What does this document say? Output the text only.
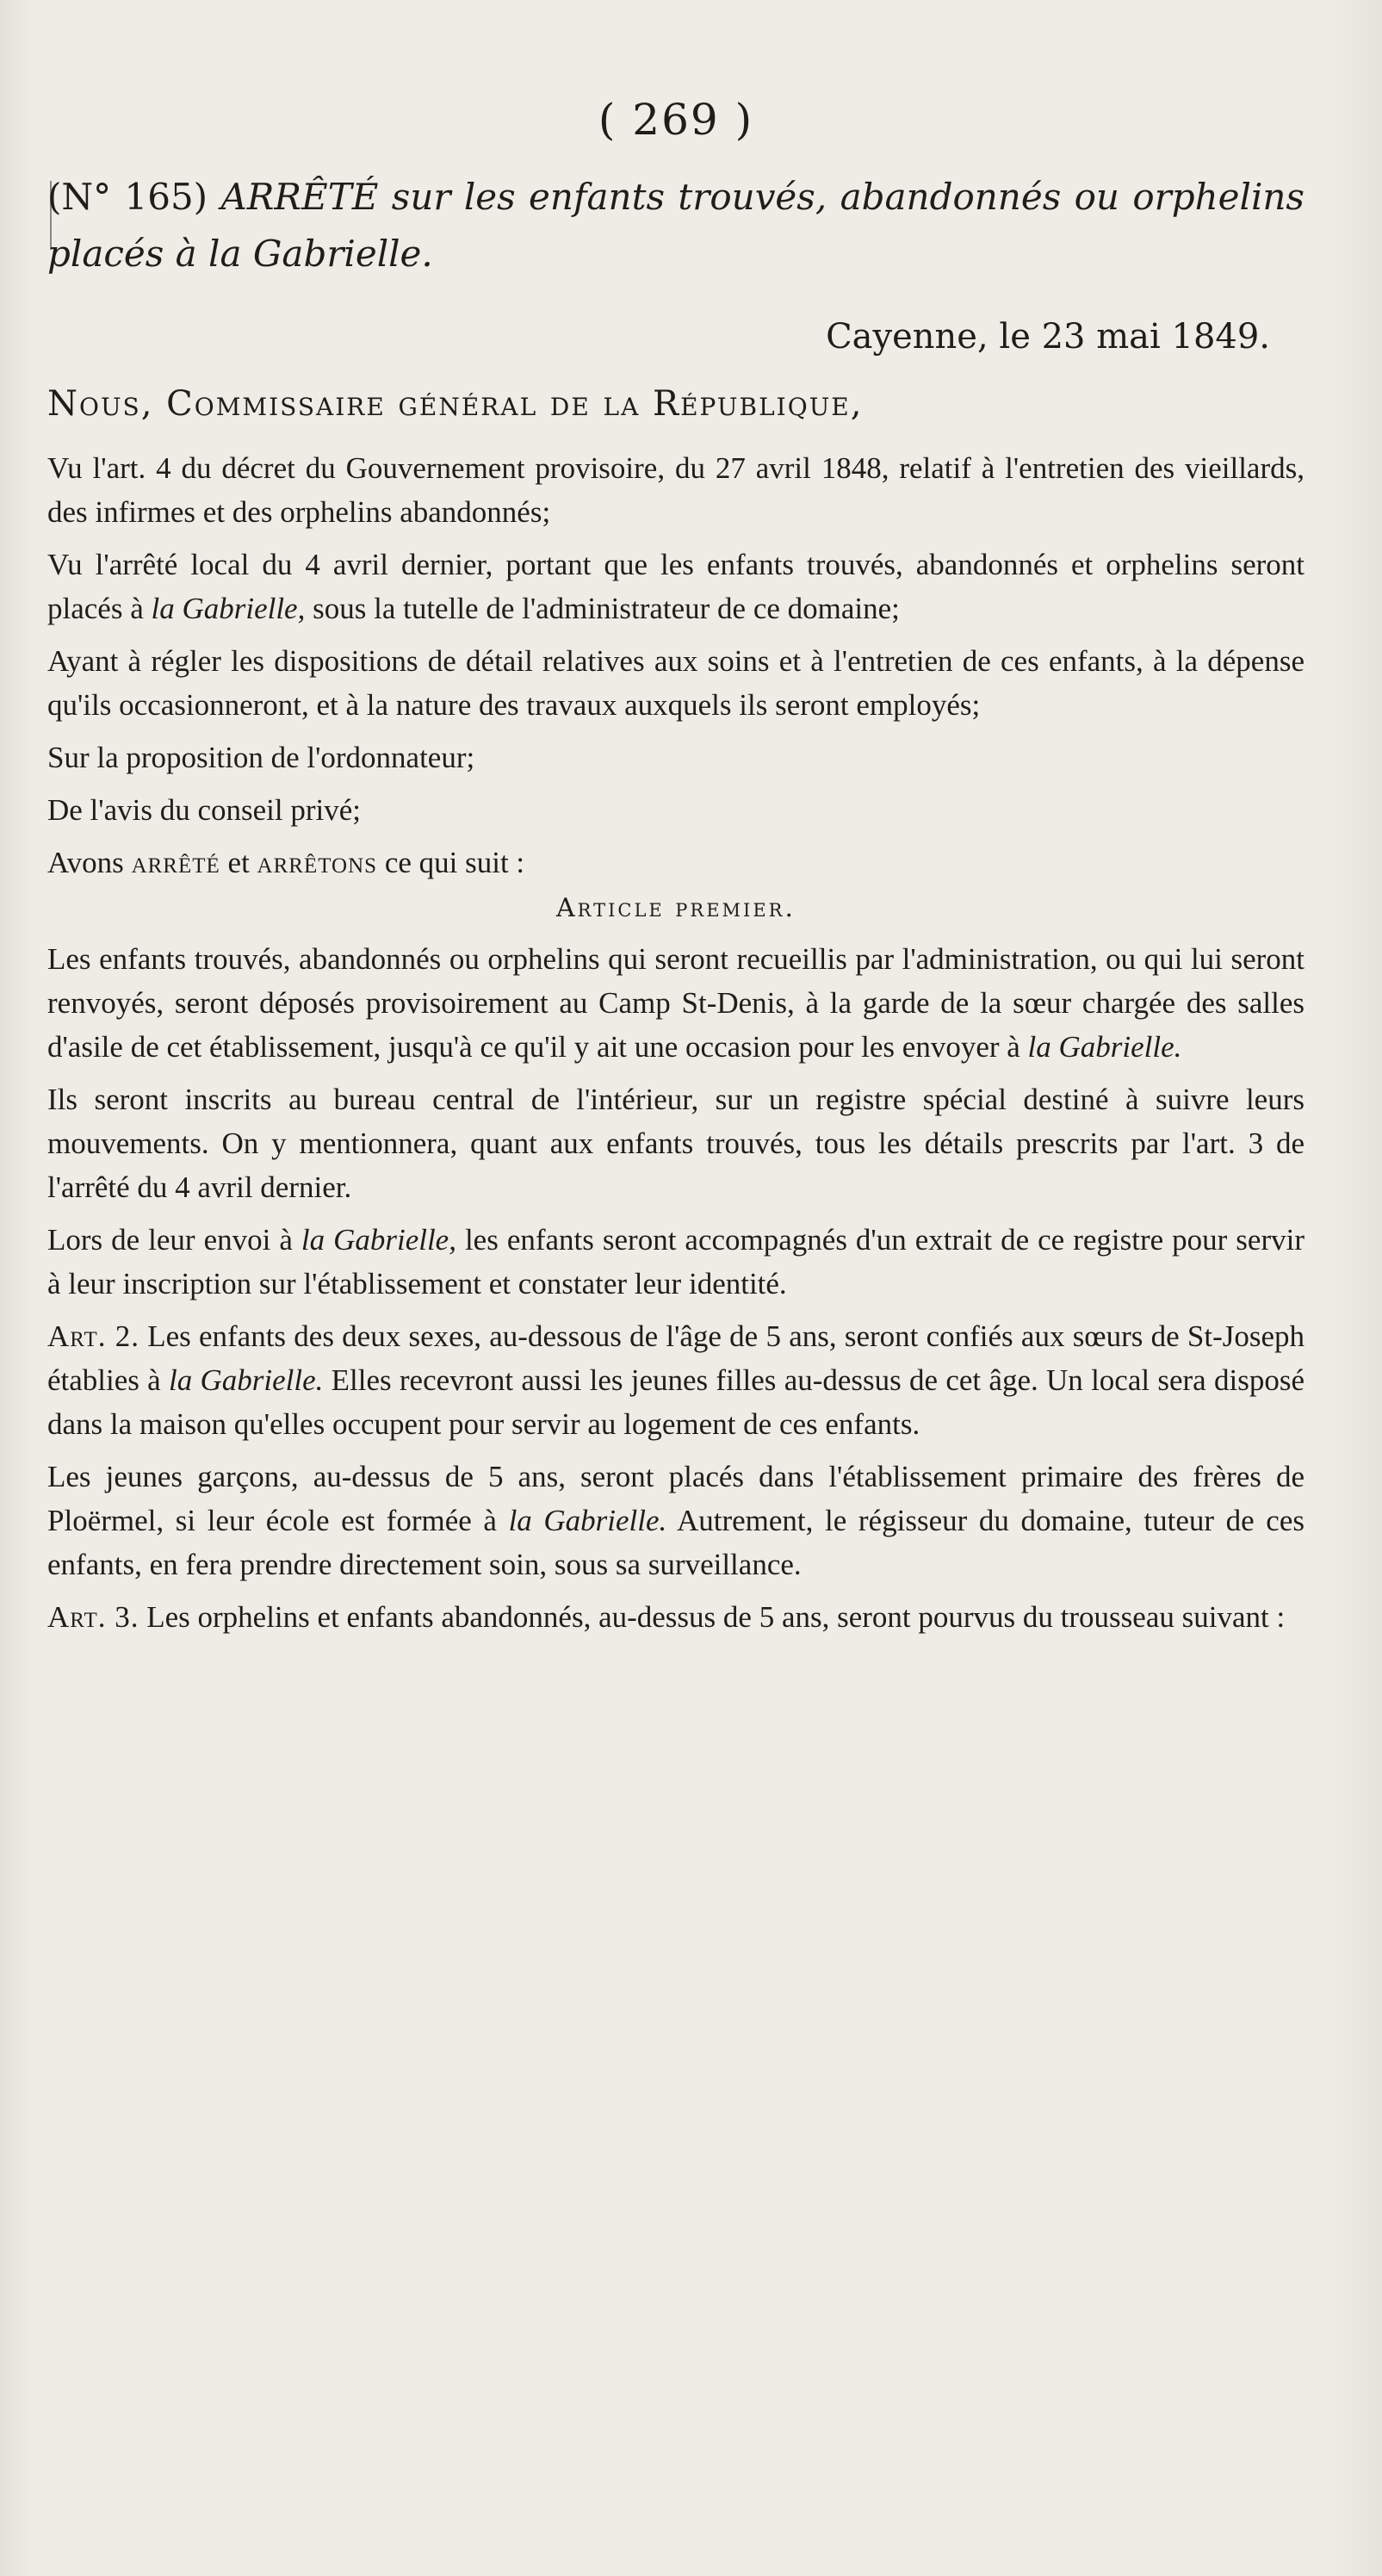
( 269 )
(N° 165) ARRÊTÉ sur les enfants trouvés, abandonnés ou orphelins placés à la Gabrielle.
Cayenne, le 23 mai 1849.
Nous, Commissaire général de la République,

Vu l'art. 4 du décret du Gouvernement provisoire, du 27 avril 1848, relatif à l'entretien des vieillards, des infirmes et des orphelins abandonnés;

Vu l'arrêté local du 4 avril dernier, portant que les enfants trouvés, abandonnés et orphelins seront placés à la Gabrielle, sous la tutelle de l'administrateur de ce domaine;

Ayant à régler les dispositions de détail relatives aux soins et à l'entretien de ces enfants, à la dépense qu'ils occasionneront, et à la nature des travaux auxquels ils seront employés;

Sur la proposition de l'ordonnateur;

De l'avis du conseil privé;

Avons arrêté et arrêtons ce qui suit :

Article premier.

Les enfants trouvés, abandonnés ou orphelins qui seront recueillis par l'administration, ou qui lui seront renvoyés, seront déposés provisoirement au Camp St-Denis, à la garde de la sœur chargée des salles d'asile de cet établissement, jusqu'à ce qu'il y ait une occasion pour les envoyer à la Gabrielle.

Ils seront inscrits au bureau central de l'intérieur, sur un registre spécial destiné à suivre leurs mouvements. On y mentionnera, quant aux enfants trouvés, tous les détails prescrits par l'art. 3 de l'arrêté du 4 avril dernier.

Lors de leur envoi à la Gabrielle, les enfants seront accompagnés d'un extrait de ce registre pour servir à leur inscription sur l'établissement et constater leur identité.

Art. 2. Les enfants des deux sexes, au-dessous de l'âge de 5 ans, seront confiés aux sœurs de St-Joseph établies à la Gabrielle. Elles recevront aussi les jeunes filles au-dessus de cet âge. Un local sera disposé dans la maison qu'elles occupent pour servir au logement de ces enfants.

Les jeunes garçons, au-dessus de 5 ans, seront placés dans l'établissement primaire des frères de Ploërmel, si leur école est formée à la Gabrielle. Autrement, le régisseur du domaine, tuteur de ces enfants, en fera prendre directement soin, sous sa surveillance.

Art. 3. Les orphelins et enfants abandonnés, au-dessus de 5 ans, seront pourvus du trousseau suivant :
